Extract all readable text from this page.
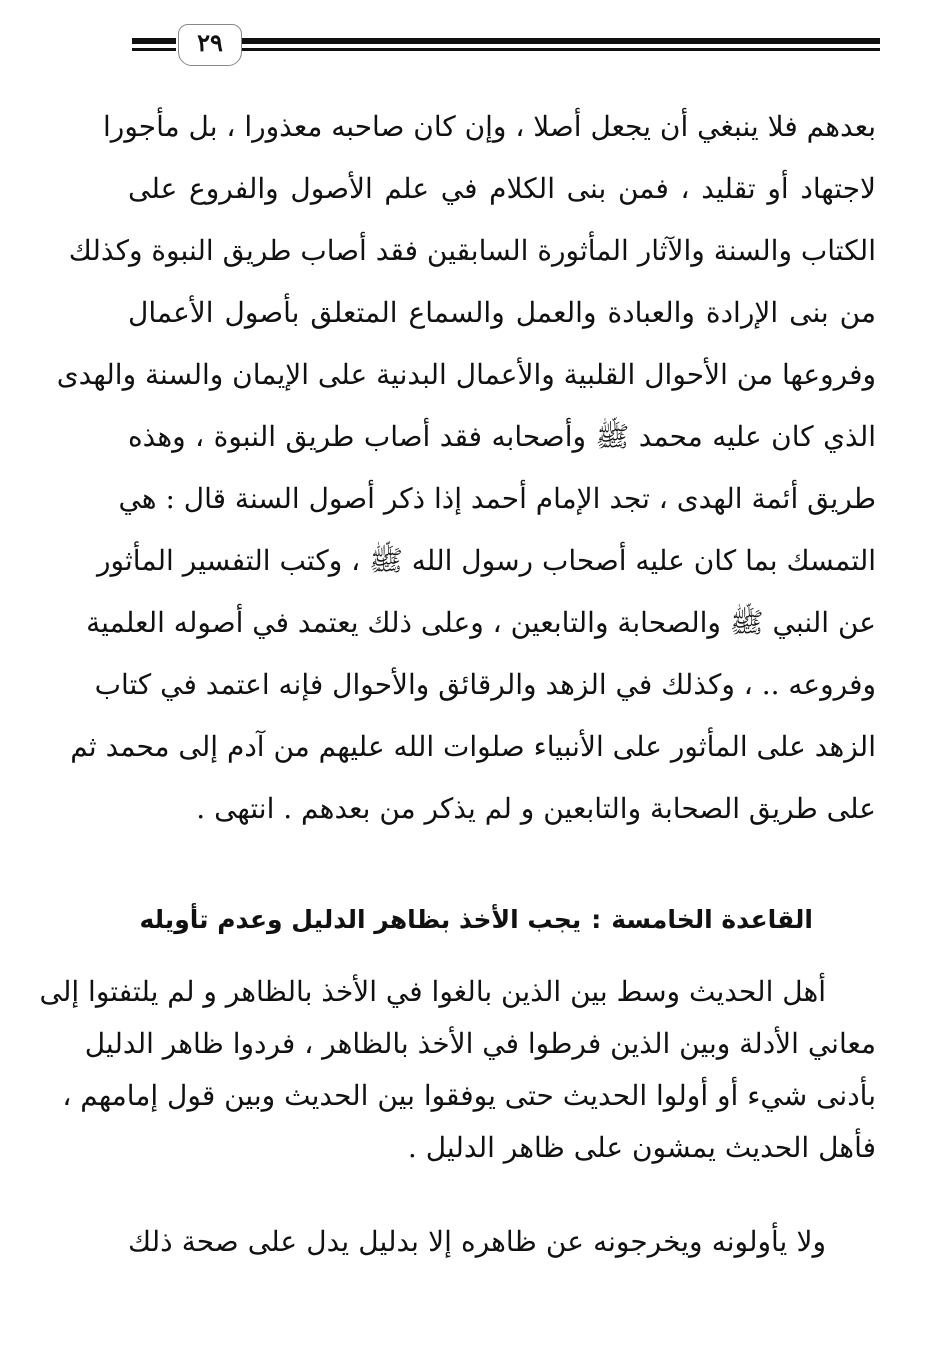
٢٩

بعدهم فلا ينبغي أن يجعل أصلا ، وإن كان صاحبه معذورا ، بل مأجورا

لاجتهاد أو تقليد ، فمن بنى الكلام في علم الأصول والفروع على

الكتاب والسنة والآثار المأثورة السابقين فقد أصاب طريق النبوة وكذلك

من بنى الإرادة والعبادة والعمل والسماع المتعلق بأصول الأعمال

وفروعها من الأحوال القلبية والأعمال البدنية على الإيمان والسنة والهدى

الذي كان عليه محمد ﷺ وأصحابه فقد أصاب طريق النبوة ، وهذه

طريق أئمة الهدى ، تجد الإمام أحمد إذا ذكر أصول السنة قال : هي

التمسك بما كان عليه أصحاب رسول الله ﷺ ، وكتب التفسير المأثور

عن النبي ﷺ والصحابة والتابعين ، وعلى ذلك يعتمد في أصوله العلمية

وفروعه .. ، وكذلك في الزهد والرقائق والأحوال فإنه اعتمد في كتاب

الزهد على المأثور على الأنبياء صلوات الله عليهم من آدم إلى محمد ثم

على طريق الصحابة والتابعين و لم يذكر من بعدهم . انتهى .

القاعدة الخامسة:يجب الأخذ بظاهر الدليل وعدم تأويله

أهل الحديث وسط بين الذين بالغوا في الأخذ بالظاهر و لم يلتفتوا إلى

معاني الأدلة وبين الذين فرطوا في الأخذ بالظاهر ، فردوا ظاهر الدليل

بأدنى شيء أو أولوا الحديث حتى يوفقوا بين الحديث وبين قول إمامهم ،

فأهل الحديث يمشون على ظاهر الدليل .

ولا يأولونه ويخرجونه عن ظاهره إلا بدليل يدل على صحة ذلك
